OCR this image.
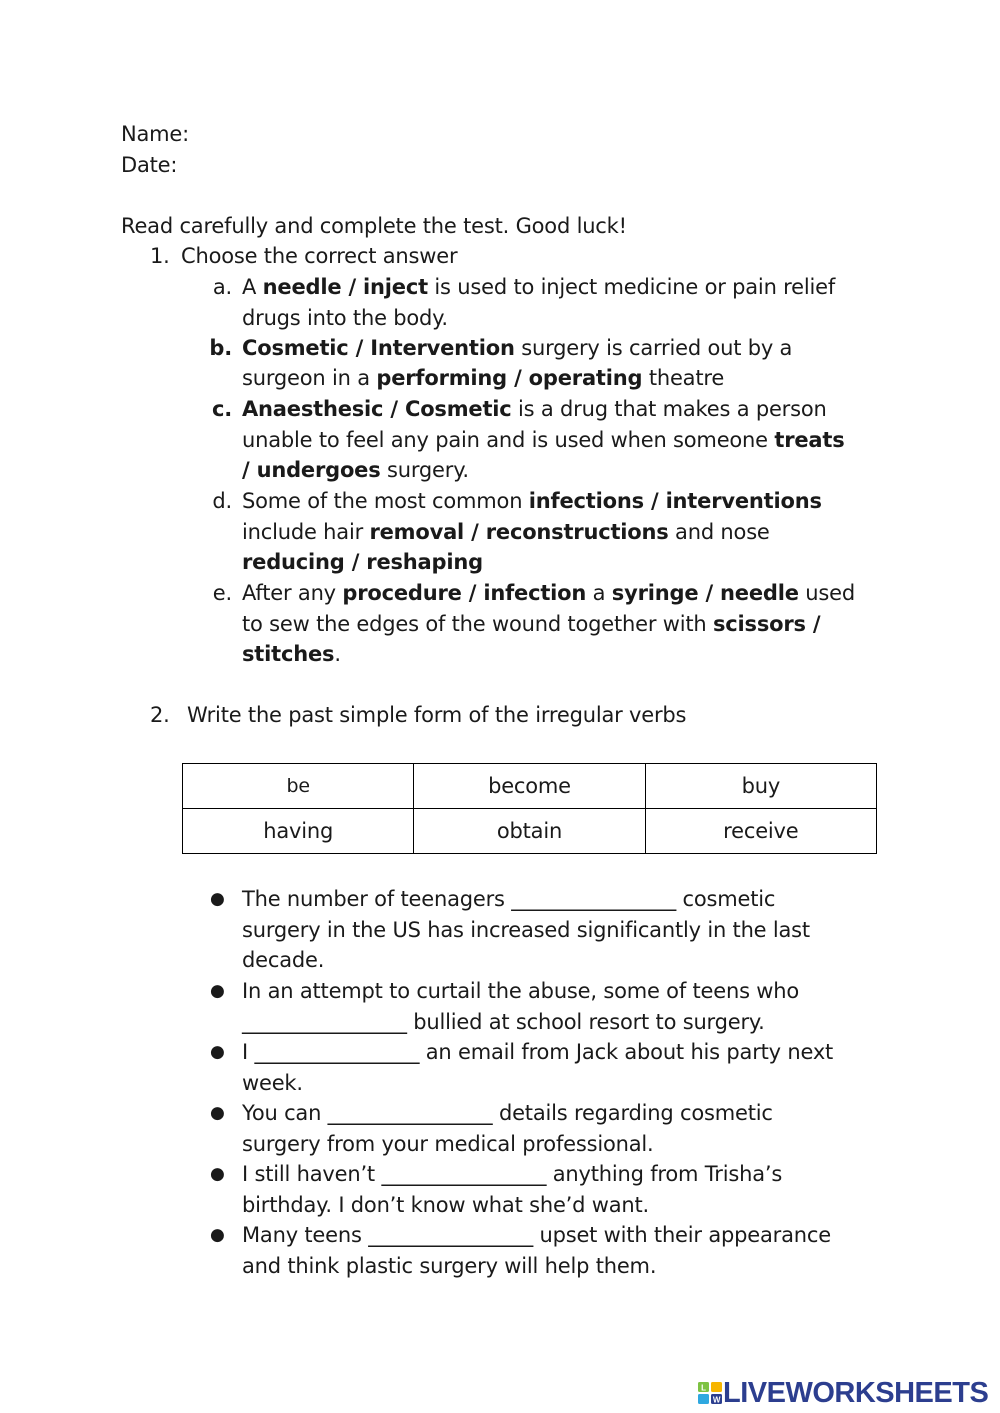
Name:
Date:
Read carefully and complete the test. Good luck!
1. Choose the correct answer
a. A needle / inject is used to inject medicine or pain relief
drugs into the body.
b. Cosmetic / Intervention surgery is carried out by a
surgeon in a performing / operating theatre
c. Anaesthesic / Cosmetic is a drug that makes a person
unable to feel any pain and is used when someone treats
/ undergoes surgery.
d. Some of the most common infections / interventions
include hair removal / reconstructions and nose
reducing / reshaping
e. After any procedure / infection a syringe / needle used
to sew the edges of the wound together with scissors /
stitches.
2. Write the past simple form of the irregular verbs
be	become	buy
having	obtain	receive
● The number of teenagers ________________ cosmetic
surgery in the US has increased significantly in the last
decade.
● In an attempt to curtail the abuse, some of teens who
________________ bullied at school resort to surgery.
● I ________________ an email from Jack about his party next
week.
● You can ________________ details regarding cosmetic
surgery from your medical professional.
● I still haven’t ________________ anything from Trisha’s
birthday. I don’t know what she’d want.
● Many teens ________________ upset with their appearance
and think plastic surgery will help them.
L
W LIVEWORKSHEETS
